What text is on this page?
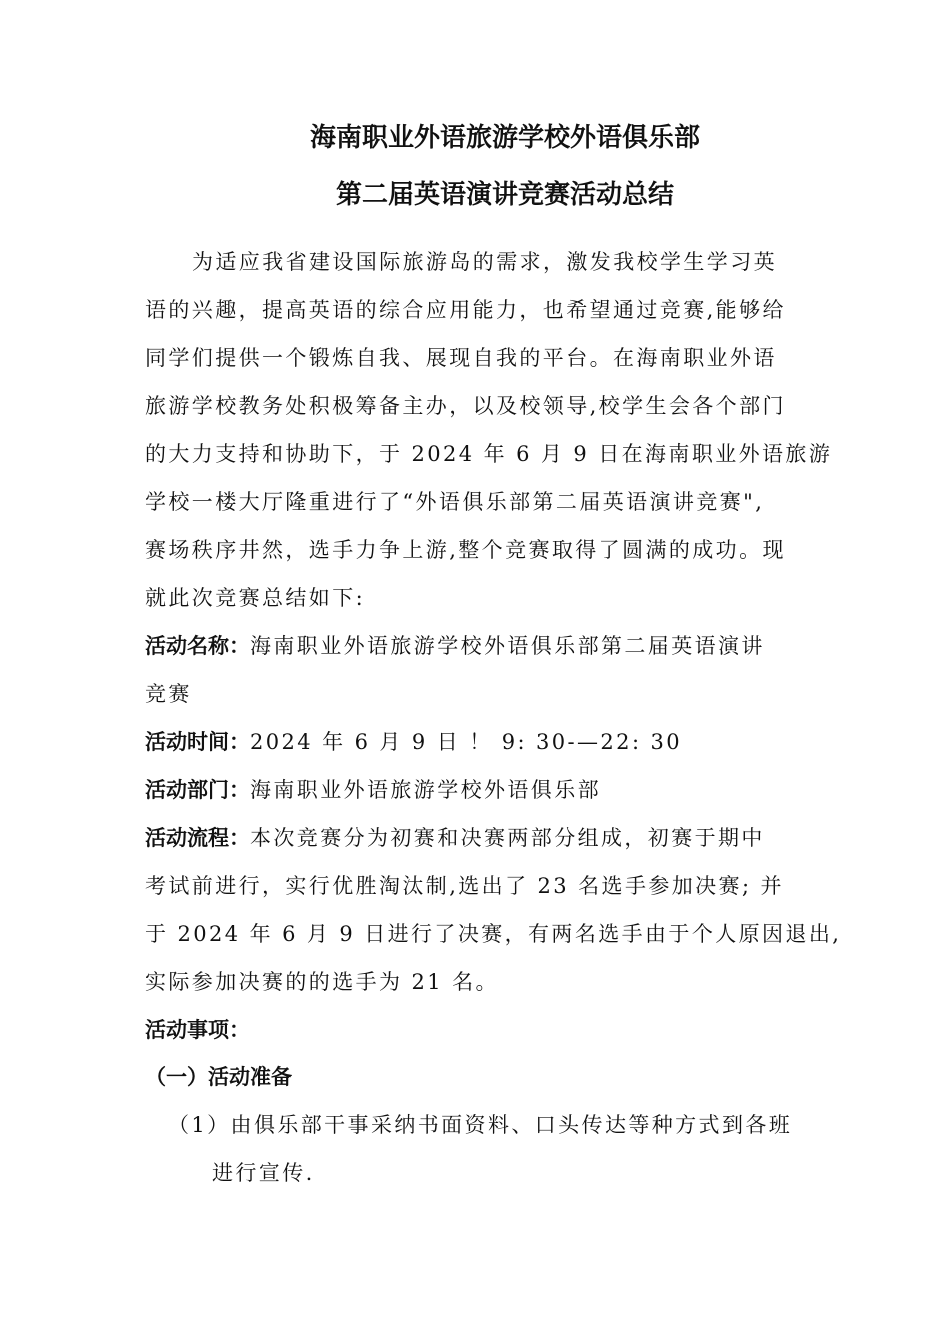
海南职业外语旅游学校外语俱乐部
第二届英语演讲竞赛活动总结
为适应我省建设国际旅游岛的需求，激发我校学生学习英
语的兴趣，提高英语的综合应用能力，也希望通过竞赛,能够给
同学们提供一个锻炼自我、展现自我的平台。在海南职业外语
旅游学校教务处积极筹备主办，以及校领导,校学生会各个部门
的大力支持和协助下，于 2024 年 6 月 9 日在海南职业外语旅游
学校一楼大厅隆重进行了“外语俱乐部第二届英语演讲竞赛",
赛场秩序井然，选手力争上游,整个竞赛取得了圆满的成功。现
就此次竞赛总结如下:
活动名称：海南职业外语旅游学校外语俱乐部第二届英语演讲
竞赛
活动时间：2024 年 6 月 9 日 ！ 9: 30-—22: 30
活动部门：海南职业外语旅游学校外语俱乐部
活动流程：本次竞赛分为初赛和决赛两部分组成，初赛于期中
考试前进行，实行优胜淘汰制,选出了 23 名选手参加决赛; 并
于 2024 年 6 月 9 日进行了决赛，有两名选手由于个人原因退出,
实际参加决赛的的选手为 21 名。
活动事项：
（一）活动准备
（1）由俱乐部干事采纳书面资料、口头传达等种方式到各班
进行宣传.
